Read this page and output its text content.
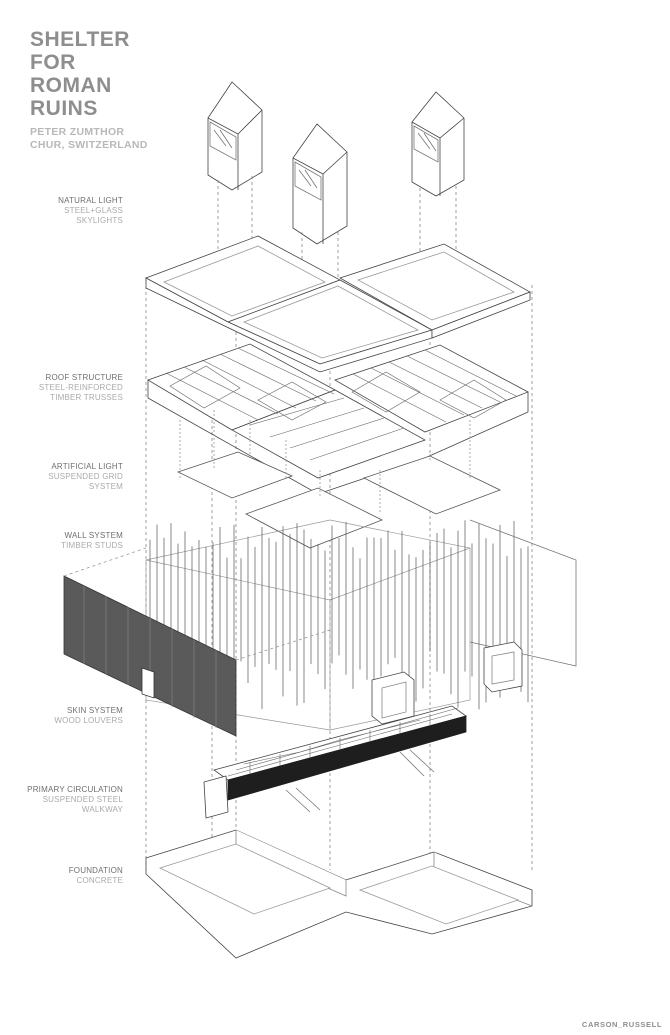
SHELTER
FOR
ROMAN
RUINS
PETER ZUMTHOR
CHUR, SWITZERLAND
NATURAL LIGHT
STEEL+GLASS
SKYLIGHTS
ROOF STRUCTURE
STEEL-REINFORCED
TIMBER TRUSSES
ARTIFICIAL LIGHT
SUSPENDED GRID
SYSTEM
WALL SYSTEM
TIMBER STUDS
SKIN SYSTEM
WOOD LOUVERS
PRIMARY CIRCULATION
SUSPENDED STEEL
WALKWAY
FOUNDATION
CONCRETE
CARSON_RUSSELL
